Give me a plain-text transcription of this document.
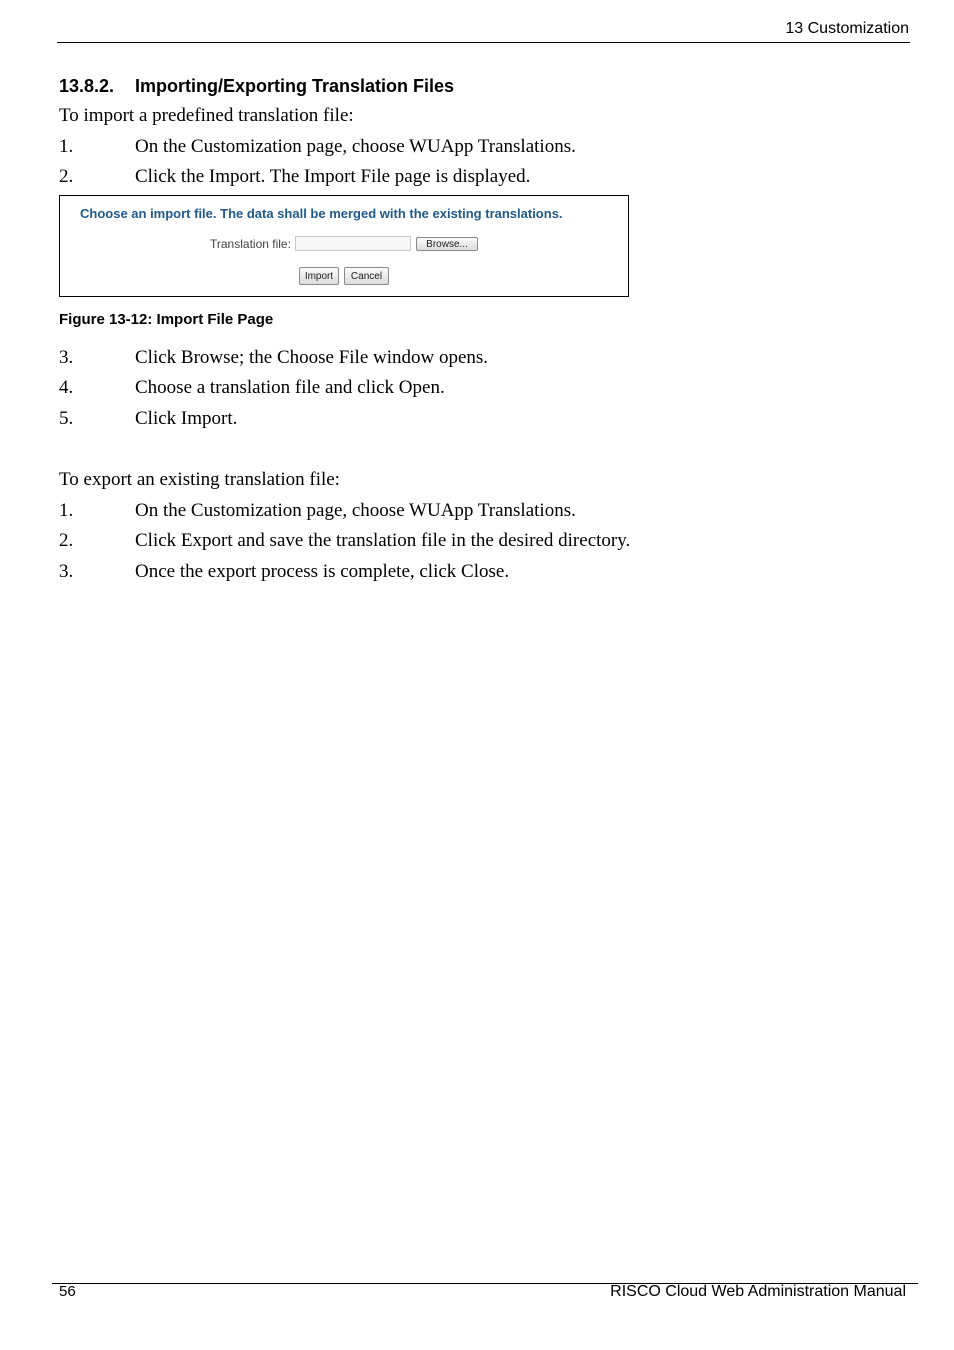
13 Customization
13.8.2. Importing/Exporting Translation Files
To import a predefined translation file:
1.	On the Customization page, choose WUApp Translations.
2.	Click the Import. The Import File page is displayed.
Choose an import file. The data shall be merged with the existing translations.
Translation file:	Browse...
Import	Cancel
Figure 13-12: Import File Page
3.	Click Browse; the Choose File window opens.
4.	Choose a translation file and click Open.
5.	Click Import.
To export an existing translation file:
1.	On the Customization page, choose WUApp Translations.
2.	Click Export and save the translation file in the desired directory.
3.	Once the export process is complete, click Close.
56	RISCO Cloud Web Administration Manual
